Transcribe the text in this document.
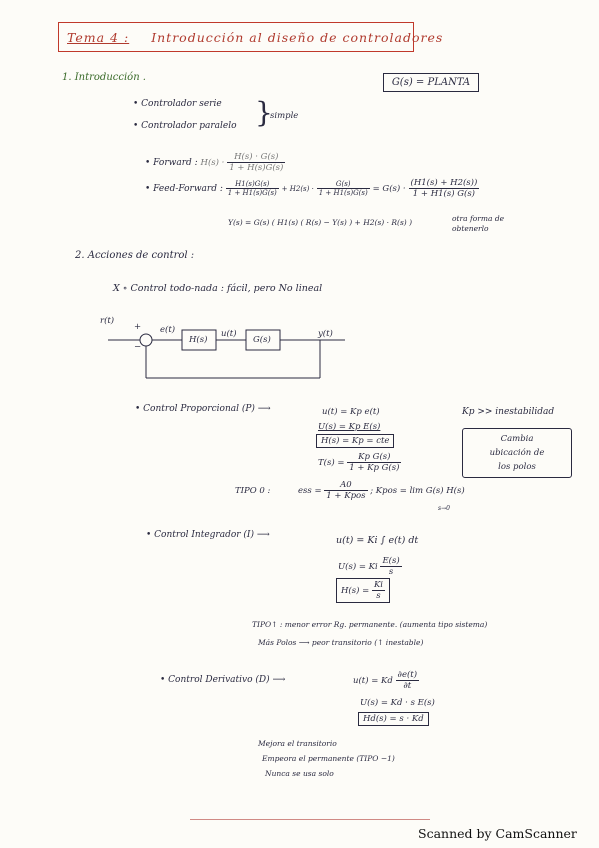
Tema 4 : Introducción al diseño de controladores
1. Introducción .	G(s) = PLANTA
• Controlador serie
• Controlador paralelo }
simple
• Forward : $H(s) \cdot \frac{H(s) \cdot G(s)}{1 + H(s)G(s)}$
• Feed-Forward : $\frac{H1(s)G(s)}{1 + H1(s)G(s)} + H2(s) \cdot \frac{G(s)}{1 + H1(s)G(s)} = G(s) \cdot \frac{(H1(s) + H2(s))}{1 + H1(s) G(s)}$
Y(s) = G(s) ( H1(s) ( R(s) − Y(s) ) + H2(s) · R(s) )	otra forma de obtenerlo
2. Acciones de control :
X ∘ Control todo-nada : fácil, pero No lineal
r(t)
+
−
e(t)
H(s)
u(t)
G(s)
y(t)
• Control Proporcional (P) ⟶	u(t) = Kp e(t)
U(s) = Kp E(s)
H(s) = Kp = cte
$T(s) = \frac{\text{Kp G(s)}}{\text{1 + Kp G(s)}}$
Kp >> inestabilidad
Cambia
ubicación de
los polos
TIPO 0 :	ess = $\frac{A0}{\text{1 + Kpos}}$ ; Kpos = lim G(s) H(s)
s→0
• Control Integrador (I) ⟶	u(t) = Ki ∫ e(t) dt
U(s) = Ki $\frac{E(s)}{s}$
$H(s) = \frac{Ki}{s}$
TIPO↑ : menor error Rg. permanente. (aumenta tipo sistema)
Más Polos ⟶ peor transitorio (↑ inestable)
• Control Derivativo (D) ⟶	u(t) = Kd $\frac{\partial e(t)}{\partial t}$
U(s) = Kd · s E(s)
Hd(s) = s · Kd
Mejora el transitorio
Empeora el permanente (TIPO −1)
Nunca se usa solo
Scanned by CamScanner
